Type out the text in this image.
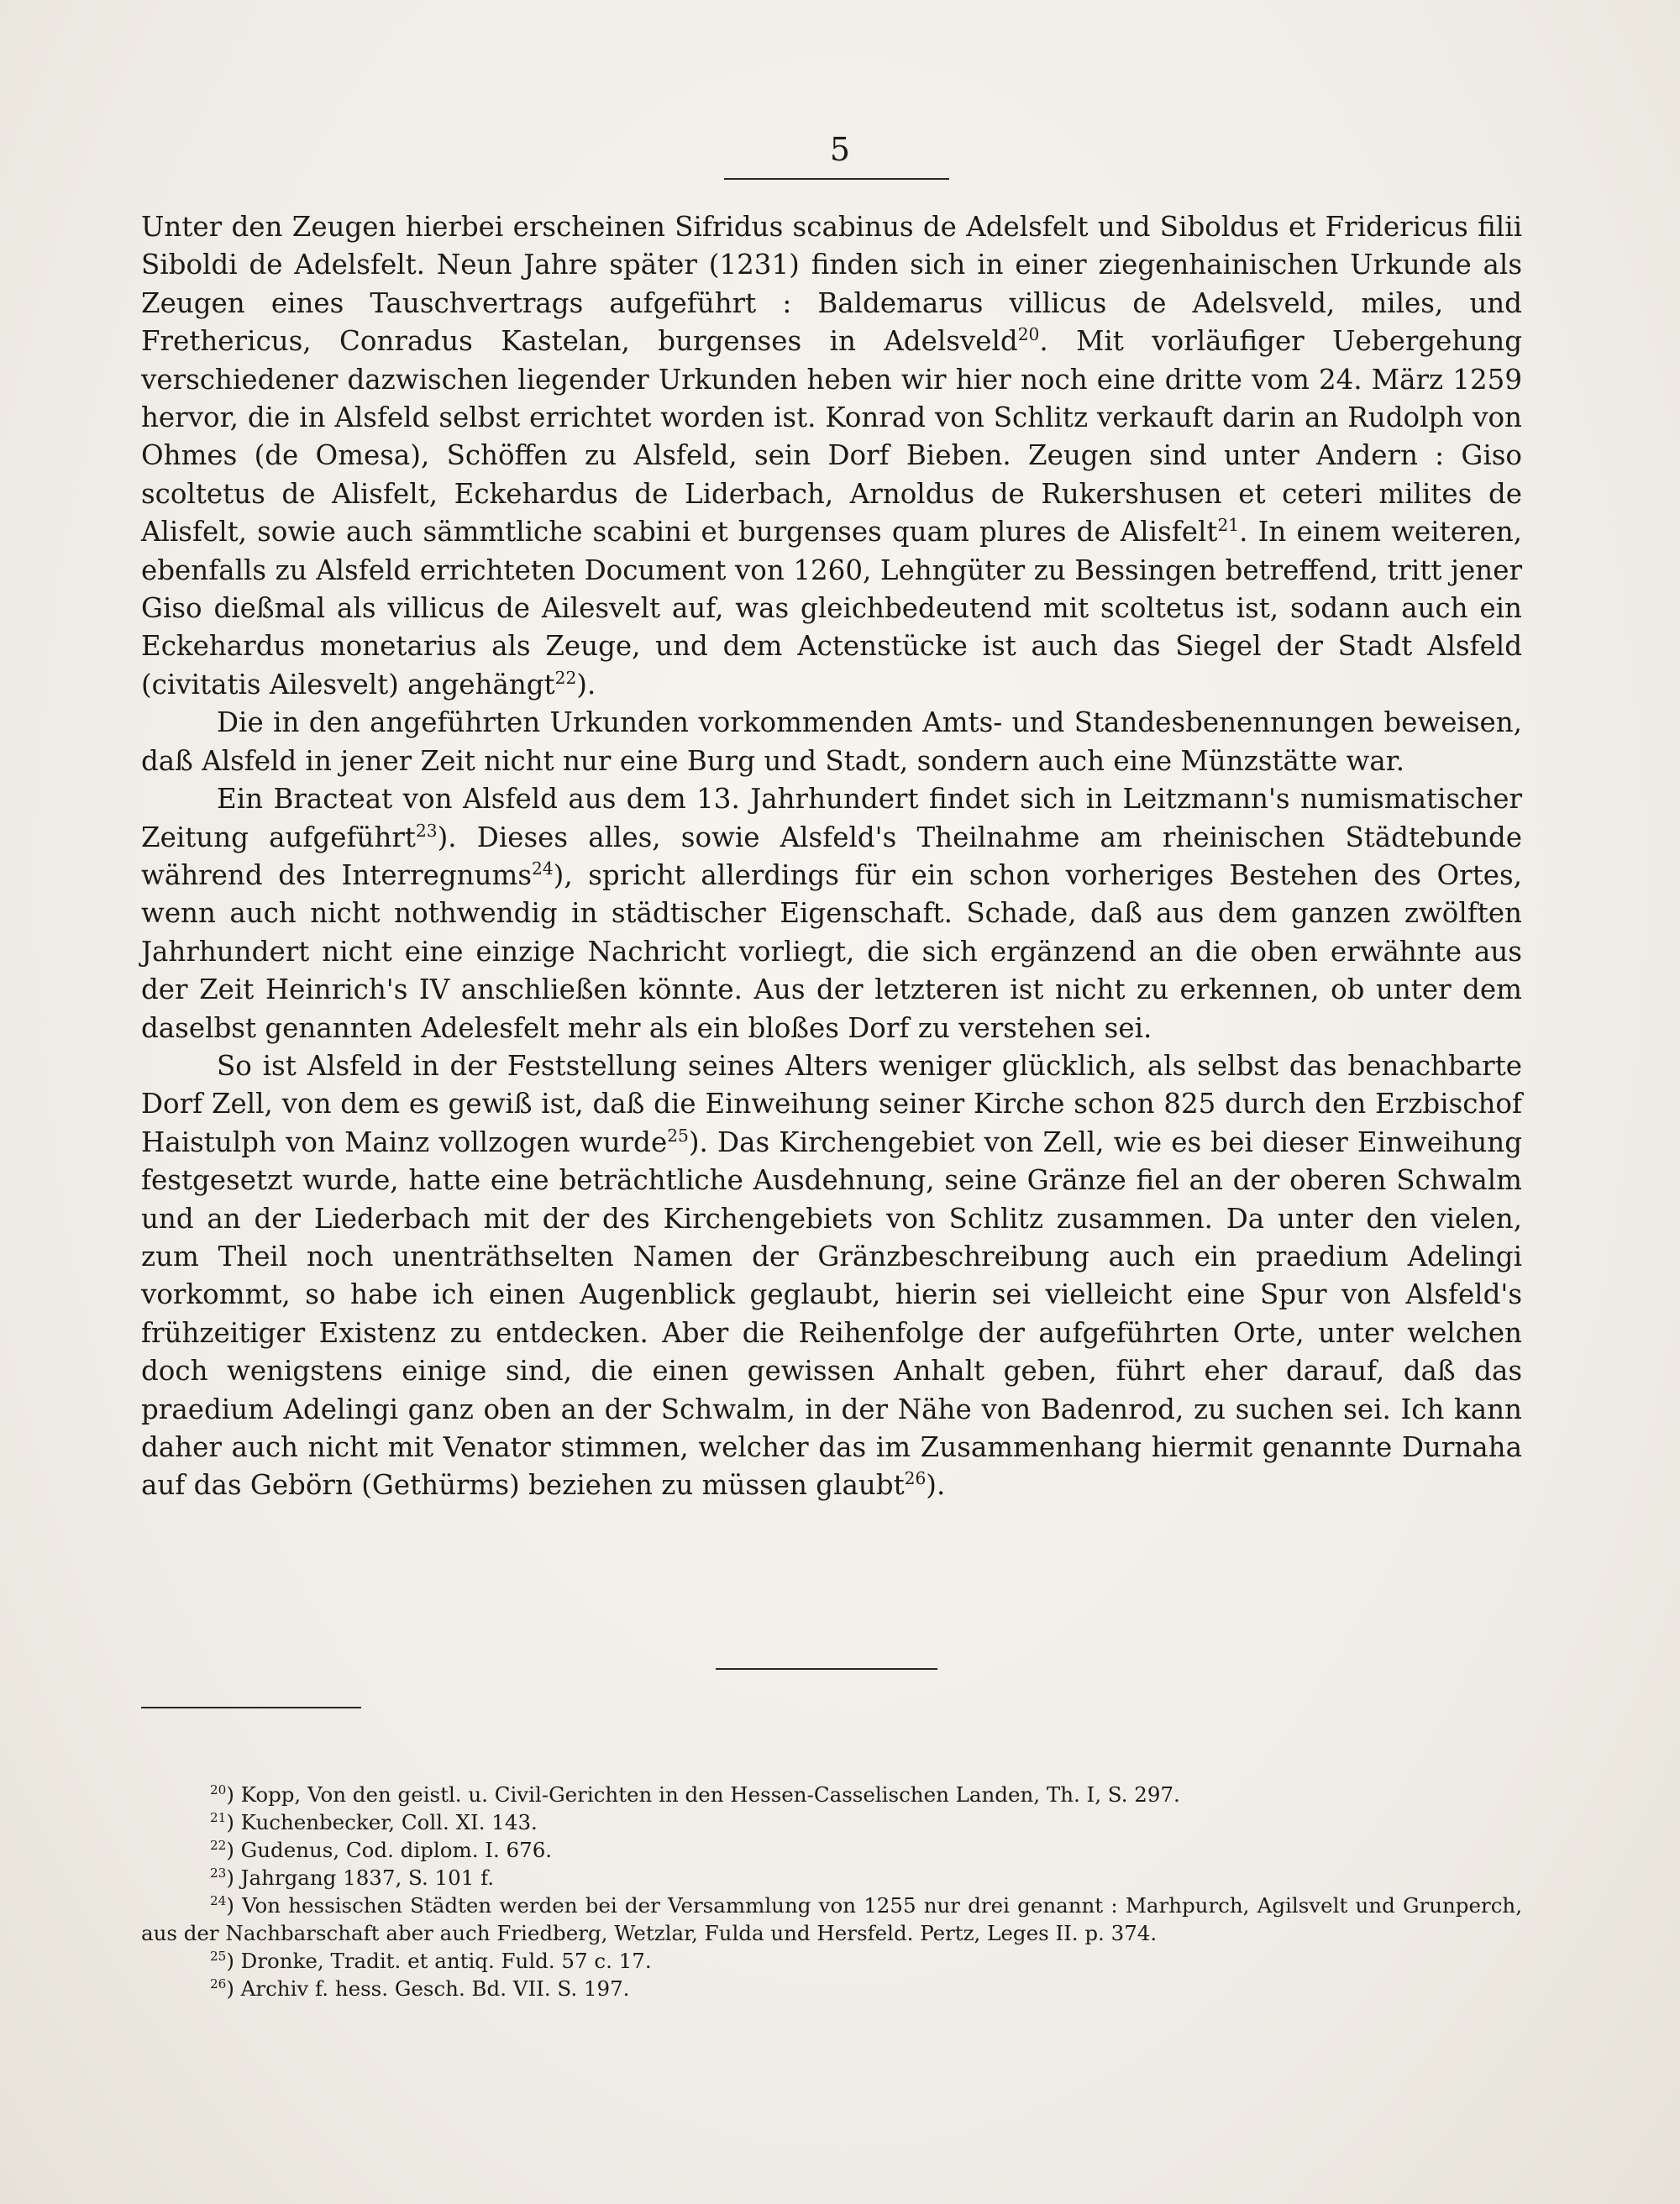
5

Unter den Zeugen hierbei erscheinen Sifridus scabinus de Adelsfelt und Siboldus et Fridericus filii Siboldi de Adelsfelt. Neun Jahre später (1231) finden sich in einer ziegenhainischen Urkunde als Zeugen eines Tauschvertrags aufgeführt : Baldemarus villicus de Adelsveld, miles, und Frethericus, Conradus Kastelan, burgenses in Adelsveld$^{20}$. Mit vorläufiger Uebergehung verschiedener dazwischen liegender Urkunden heben wir hier noch eine dritte vom 24. März 1259 hervor, die in Alsfeld selbst errichtet worden ist. Konrad von Schlitz verkauft darin an Rudolph von Ohmes (de Omesa), Schöffen zu Alsfeld, sein Dorf Bieben. Zeugen sind unter Andern : Giso scoltetus de Alisfelt, Eckehardus de Liderbach, Arnoldus de Rukershusen et ceteri milites de Alisfelt, sowie auch sämmtliche scabini et burgenses quam plures de Alisfelt$^{21}$. In einem weiteren, ebenfalls zu Alsfeld errichteten Document von 1260, Lehngüter zu Bessingen betreffend, tritt jener Giso dießmal als villicus de Ailesvelt auf, was gleichbedeutend mit scoltetus ist, sodann auch ein Eckehardus monetarius als Zeuge, und dem Actenstücke ist auch das Siegel der Stadt Alsfeld (civitatis Ailesvelt) angehängt$^{22}$).

Die in den angeführten Urkunden vorkommenden Amts- und Standesbenennungen beweisen, daß Alsfeld in jener Zeit nicht nur eine Burg und Stadt, sondern auch eine Münzstätte war.

Ein Bracteat von Alsfeld aus dem 13. Jahrhundert findet sich in Leitzmann's numismatischer Zeitung aufgeführt$^{23}$). Dieses alles, sowie Alsfeld's Theilnahme am rheinischen Städtebunde während des Interregnums$^{24}$), spricht allerdings für ein schon vorheriges Bestehen des Ortes, wenn auch nicht nothwendig in städtischer Eigenschaft. Schade, daß aus dem ganzen zwölften Jahrhundert nicht eine einzige Nachricht vorliegt, die sich ergänzend an die oben erwähnte aus der Zeit Heinrich's IV anschließen könnte. Aus der letzteren ist nicht zu erkennen, ob unter dem daselbst genannten Adelesfelt mehr als ein bloßes Dorf zu verstehen sei.

So ist Alsfeld in der Feststellung seines Alters weniger glücklich, als selbst das benachbarte Dorf Zell, von dem es gewiß ist, daß die Einweihung seiner Kirche schon 825 durch den Erzbischof Haistulph von Mainz vollzogen wurde$^{25}$). Das Kirchengebiet von Zell, wie es bei dieser Einweihung festgesetzt wurde, hatte eine beträchtliche Ausdehnung, seine Gränze fiel an der oberen Schwalm und an der Liederbach mit der des Kirchengebiets von Schlitz zusammen. Da unter den vielen, zum Theil noch unenträthselten Namen der Gränzbeschreibung auch ein praedium Adelingi vorkommt, so habe ich einen Augenblick geglaubt, hierin sei vielleicht eine Spur von Alsfeld's frühzeitiger Existenz zu entdecken. Aber die Reihenfolge der aufgeführten Orte, unter welchen doch wenigstens einige sind, die einen gewissen Anhalt geben, führt eher darauf, daß das praedium Adelingi ganz oben an der Schwalm, in der Nähe von Badenrod, zu suchen sei. Ich kann daher auch nicht mit Venator stimmen, welcher das im Zusammenhang hiermit genannte Durnaha auf das Gebörn (Gethürms) beziehen zu müssen glaubt$^{26}$).

$^{20}$) Kopp, Von den geistl. u. Civil-Gerichten in den Hessen-Casselischen Landen, Th. I, S. 297.

$^{21}$) Kuchenbecker, Coll. XI. 143.

$^{22}$) Gudenus, Cod. diplom. I. 676.

$^{23}$) Jahrgang 1837, S. 101 f.

$^{24}$) Von hessischen Städten werden bei der Versammlung von 1255 nur drei genannt : Marhpurch, Agilsvelt und Grunperch, aus der Nachbarschaft aber auch Friedberg, Wetzlar, Fulda und Hersfeld. Pertz, Leges II. p. 374.

$^{25}$) Dronke, Tradit. et antiq. Fuld. 57 c. 17.

$^{26}$) Archiv f. hess. Gesch. Bd. VII. S. 197.
